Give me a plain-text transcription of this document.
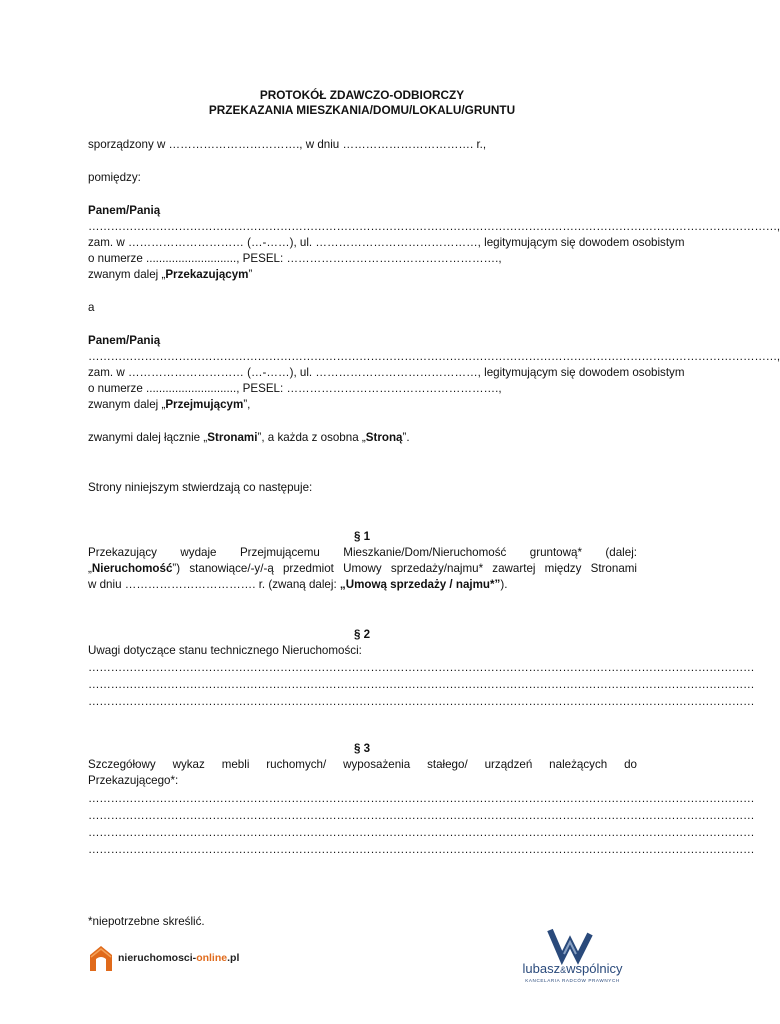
PROTOKÓŁ ZDAWCZO-ODBIORCZY
PRZEKAZANIA MIESZKANIA/DOMU/LOKALU/GRUNTU
sporządzony w ……………………………., w dniu ……………………………. r.,
pomiędzy:
Panem/Panią
…………………………………………………………………………………………………………………………………………………………………,
zam. w ………………………… (…-……), ul. ……………………………………, legitymującym się dowodem osobistym
o numerze ............................, PESEL: ……………………………………………….,
zwanym dalej „Przekazującym”
a
Panem/Panią
…………………………………………………………………………………………………………………………………………………………………,
zam. w ………………………… (…-……), ul. ……………………………………, legitymującym się dowodem osobistym
o numerze ............................, PESEL: ……………………………………………….,
zwanym dalej „Przejmującym”,
zwanymi dalej łącznie „Stronami”, a każda z osobna „Stroną”.
Strony niniejszym stwierdzają co następuje:
§ 1
Przekazujący wydaje Przejmującemu Mieszkanie/Dom/Nieruchomość gruntową* (dalej:
„Nieruchomość”) stanowiące/-y/-ą przedmiot Umowy sprzedaży/najmu* zawartej między Stronami
w dniu ……………………………. r. (zwaną dalej: „Umową sprzedaży / najmu*”).
§ 2
Uwagi dotyczące stanu technicznego Nieruchomości:
……………………………………………………………………………………………………………………………………………………………
……………………………………………………………………………………………………………………………………………………………
……………………………………………………………………………………………………………………………………………………………
§ 3
Szczegółowy wykaz mebli ruchomych/ wyposażenia stałego/ urządzeń należących do
Przekazującego*:
……………………………………………………………………………………………………………………………………………………………
……………………………………………………………………………………………………………………………………………………………
……………………………………………………………………………………………………………………………………………………………
……………………………………………………………………………………………………………………………………………………………
*niepotrzebne skreślić.
nieruchomosci-online.pl
lubasz&wspólnicy
KANCELARIA RADCÓW PRAWNYCH
